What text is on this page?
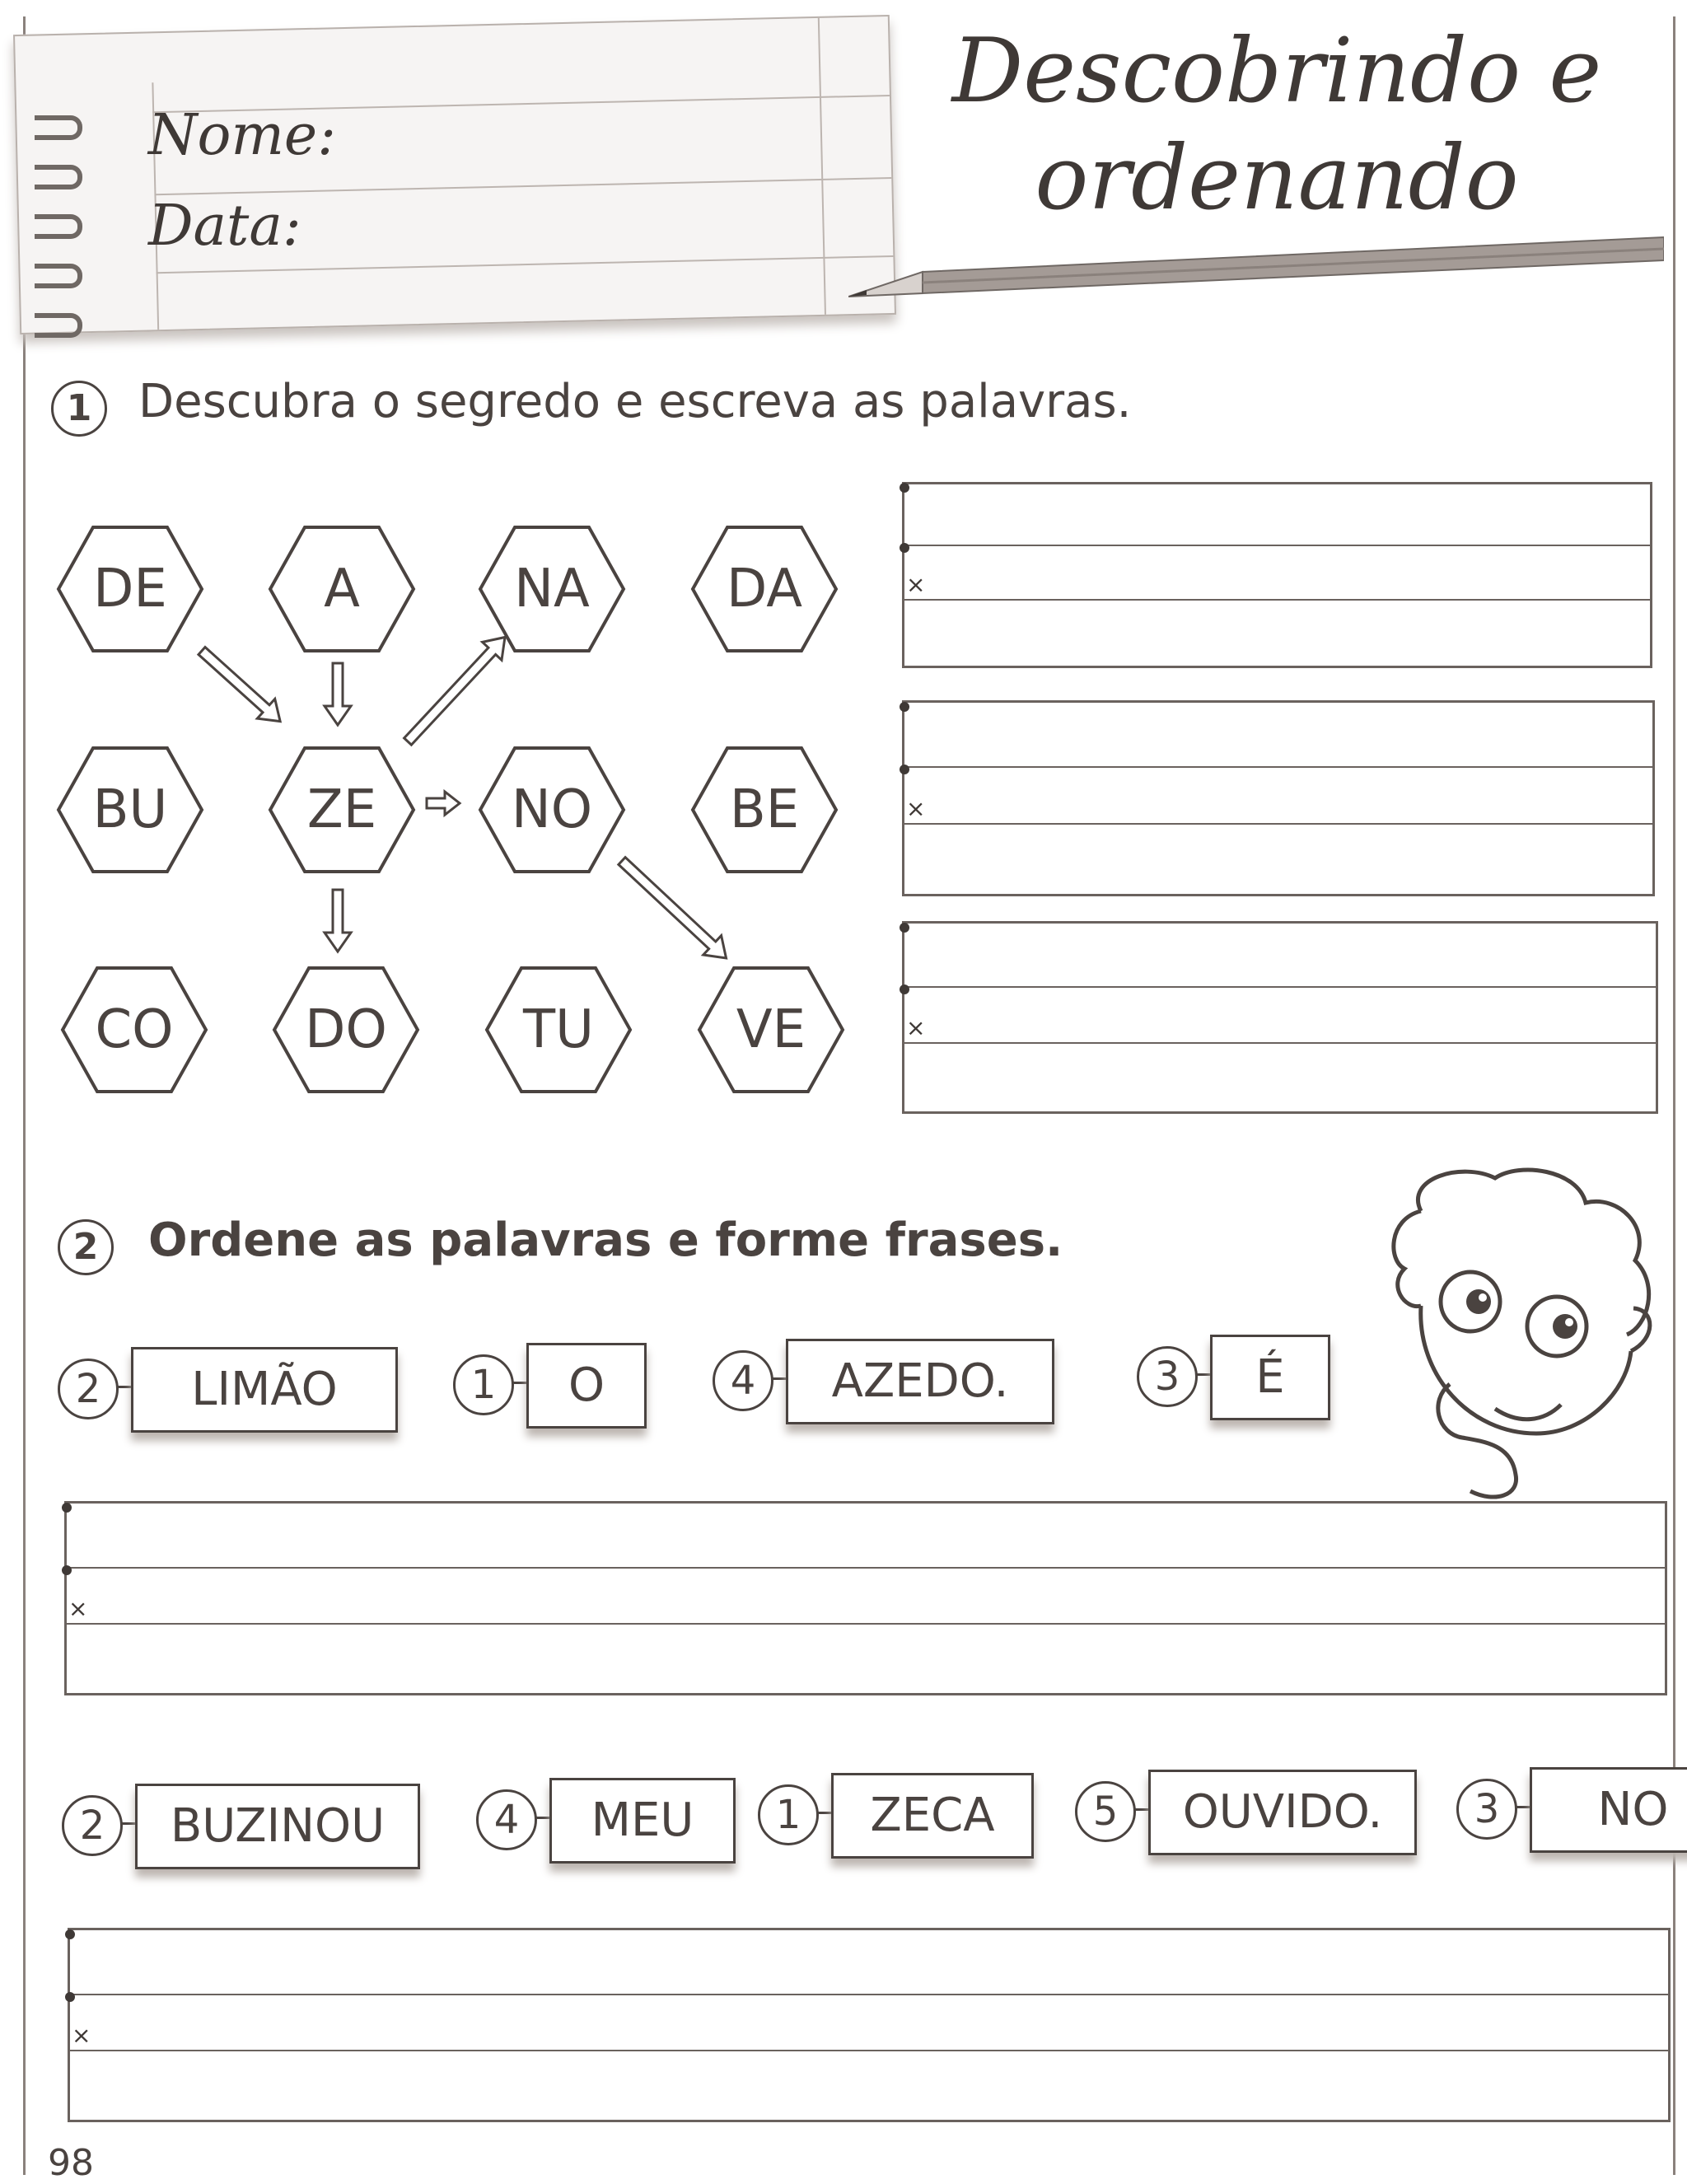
Nome:
Data:
Descobrindo e
ordenando
1	Descubra o segredo e escreva as palavras.
DE	A	NA	DA
BU	ZE	NO	BE
CO	DO	TU	VE
×
×
×
2	Ordene as palavras e forme frases.
2	LIMÃO	1	O	4	AZEDO.	3	É
2	BUZINOU	4	MEU	1	ZECA	5	OUVIDO.	3	NO
×
×
98
